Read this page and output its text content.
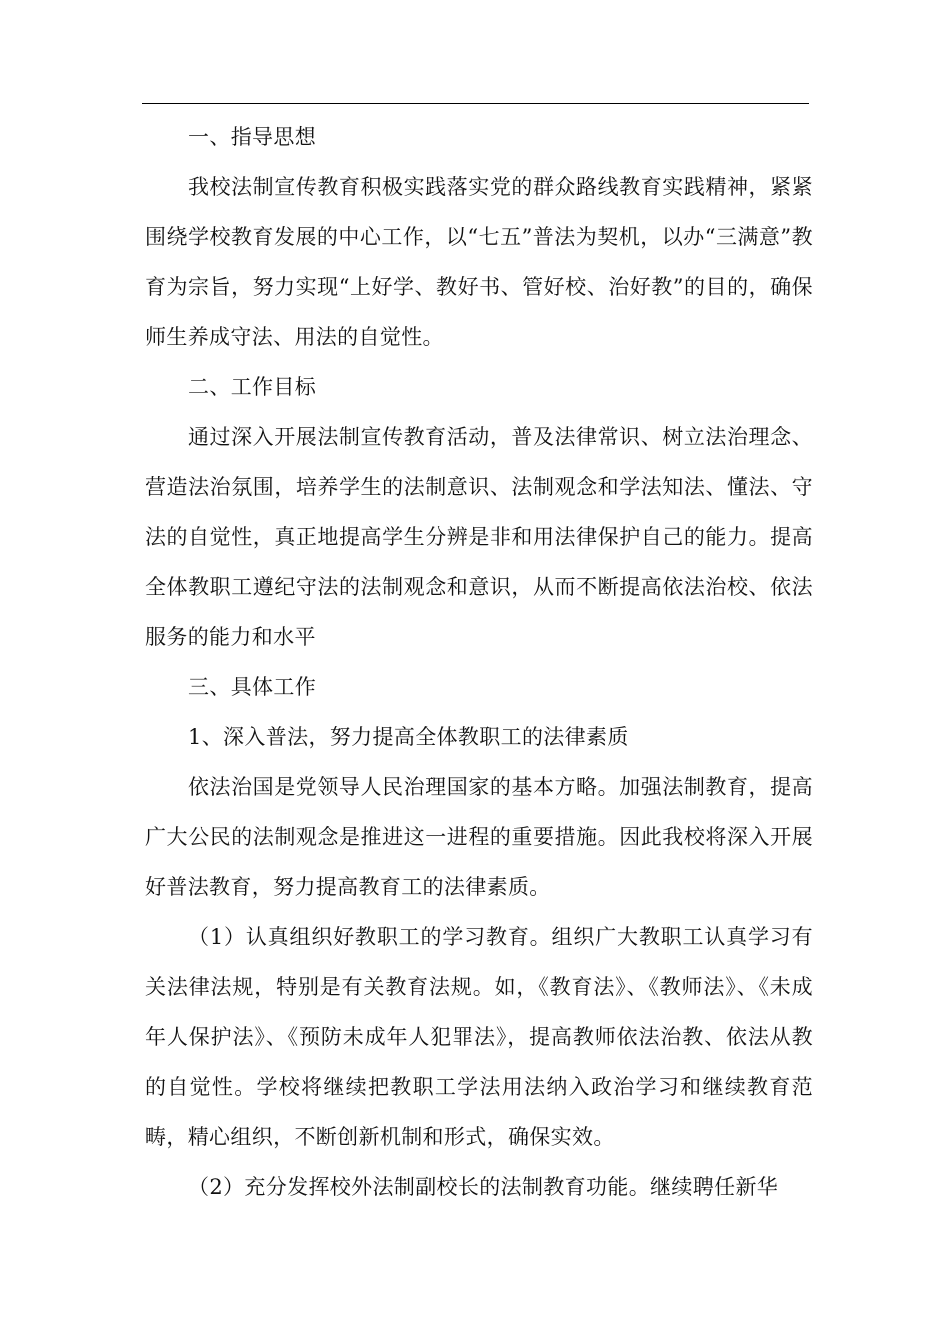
一、指导思想

我校法制宣传教育积极实践落实党的群众路线教育实践精神，紧紧围绕学校教育发展的中心工作，以“七五”普法为契机，以办“三满意”教育为宗旨，努力实现“上好学、教好书、管好校、治好教”的目的，确保师生养成守法、用法的自觉性。

二、工作目标

通过深入开展法制宣传教育活动，普及法律常识、树立法治理念、营造法治氛围，培养学生的法制意识、法制观念和学法知法、懂法、守法的自觉性，真正地提高学生分辨是非和用法律保护自己的能力。提高全体教职工遵纪守法的法制观念和意识，从而不断提高依法治校、依法服务的能力和水平

三、具体工作

1、深入普法，努力提高全体教职工的法律素质

依法治国是党领导人民治理国家的基本方略。加强法制教育，提高广大公民的法制观念是推进这一进程的重要措施。因此我校将深入开展好普法教育，努力提高教育工的法律素质。

（1）认真组织好教职工的学习教育。组织广大教职工认真学习有关法律法规，特别是有关教育法规。如，《教育法》、《教师法》、《未成年人保护法》、《预防未成年人犯罪法》，提高教师依法治教、依法从教的自觉性。学校将继续把教职工学法用法纳入政治学习和继续教育范畴，精心组织，不断创新机制和形式，确保实效。

（2）充分发挥校外法制副校长的法制教育功能。继续聘任新华
